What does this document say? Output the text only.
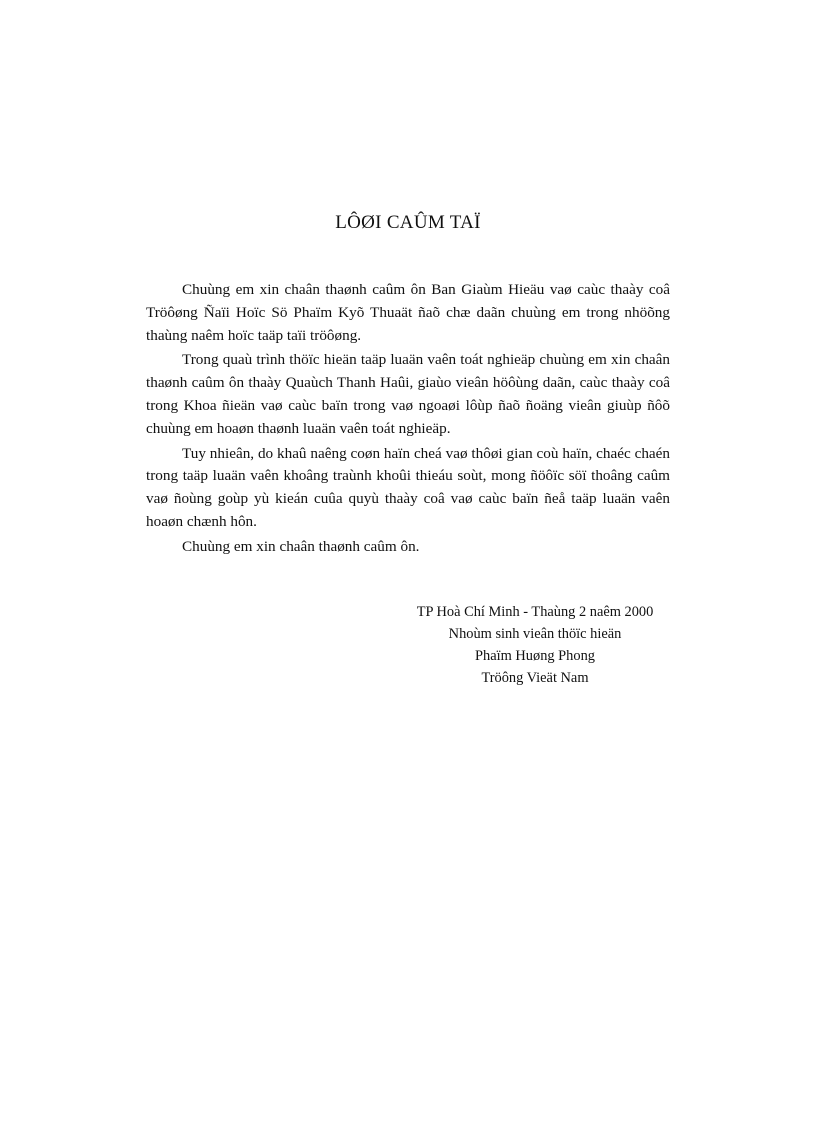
LÔØI CAÛM TAÏ

Chuùng em xin chaân thaønh caûm ôn Ban Giaùm Hieäu vaø caùc thaày coâ Tröôøng Ñaïi Hoïc Sö Phaïm Kyõ Thuaät ñaõ chæ daãn chuùng em trong nhöõng thaùng naêm hoïc taäp taïi tröôøng.

Trong quaù trình thöïc hieän taäp luaän vaên toát nghieäp chuùng em xin chaân thaønh caûm ôn thaày Quaùch Thanh Haûi, giaùo vieân höôùng daãn, caùc thaày coâ trong Khoa ñieän vaø caùc baïn trong vaø ngoaøi lôùp ñaõ ñoäng vieân giuùp ñôõ chuùng em hoaøn thaønh luaän vaên toát nghieäp.

Tuy nhieân, do khaû naêng coøn haïn cheá vaø thôøi gian coù haïn, chaéc chaén trong taäp luaän vaên khoâng traùnh khoûi thieáu soùt, mong ñöôïc söï thoâng caûm vaø ñoùng goùp yù kieán cuûa quyù thaày coâ vaø caùc baïn ñeå taäp luaän vaên hoaøn chænh hôn.

Chuùng em xin chaân thaønh caûm ôn.

TP Hoà Chí Minh - Thaùng 2 naêm 2000
Nhoùm sinh vieân thöïc hieän
Phaïm Huøng Phong
Tröông Vieät Nam
